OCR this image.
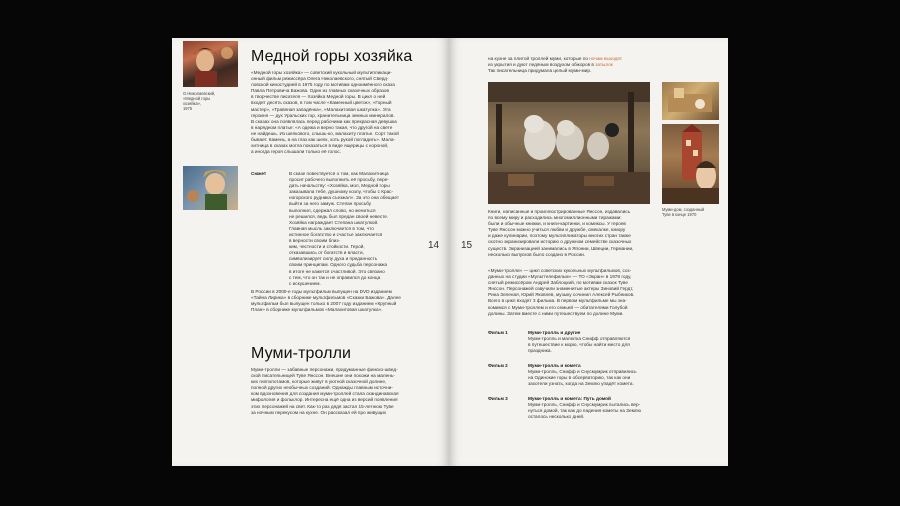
О.Николаевский,
«Медной горы
хозяйка»,
1975
Медной горы хозяйка
«Медной горы хозяйка» — советский кукольный мультипликаци-
онный фильм режиссёра Олега Николаевского, снятый Сверд-
ловской киностудией в 1975 году по мотивам одноимённого сказа
Павла Петровича Бажова. Один из главных сказочных образов
в творчестве писателя — Хозяйка Медной горы. В цикл о ней
входят десять сказов, в том числе «Каменный цветок», «Горный
мастер», «Травяная западёнка», «Малахитовая шкатулка». Эта
героиня — дух Уральских гор, хранительница земных минералов.
В сказах она появлялась перед рабочими как прекрасная девушка
в нарядном платье: «А одежа и верно такая, что другой на свете
не найдешь. Из шелкового, слышь-ко, малахиту платье. Сорт такой
бывает. Камень, а на глаз как шелк, хоть рукой погладить». Мала-
хитница в сказах могла показаться в виде ящерицы с короной,
а иногда героя слышали только её голос.
Сюжет	В сказе повествуется о том, как Малахитница
просит рабочего выполнить её просьбу, пере-
дать начальству: «Хозяйка, мол, Медной горы
заказывала тебе, душному козлу, чтобы с Крас-
ногорского рудника съезжал». За это она обещает
выйти за него замуж. Степан просьбу
выполнил, сдержал слово, но жениться
не решился, ведь был предан своей невесте.
Хозяйка награждает Степана шкатулкой.
Главная мысль заключается в том, что
истинное богатство и счастье заключается
в верности своим близ-
ким, честности и стойкости. Герой,
отказавшись от богатств и власти,
символизирует силу духа и преданность
своим принципам. Одного судьба персонажа
в итоге не кажется счастливой. Это связано
с тем, что он так и не оправился до конца
с искушением.
В России в 2000-е годы мультфильм выпущен на DVD изданием
«Тайна Лирика» в сборнике мультфильмов «Сказки Бажова». Далее
мультфильм был выпущен только в 2007 году изданием «Крупный
План» в сборнике мультфильмов «Малахитовая шкатулка».
Муми-тролли
Муми-тролли — забавные персонажи, придуманные финско-швед-
ской писательницей Туве Янссон. Внешне они похожи на малень-
ких гиппопотамов, которые живут в уютной сказочной долине,
полной других необычных созданий. Однажды главным источни-
ком вдохновения для создания муми-троллей стала скандинавская
мифология и фольклор. Интересна ещё одна из версий появления
этих персонажей на свет. Как-то раз дядя застал 15-летнюю Туве
за ночным перекусом на кухне. Он рассказал ей про живущих
14
на кухне за плитой троллей муми, которые по ночам выходят
из укрытия и дуют ледяным воздухом обжоров в затылок
Так писательница придумала целый муми-мир.
Муми-дом, созданный
Туве в конце 1970
Книги, написанные и проиллюстрированные Янссон, издавались
по всему миру и расходились многомиллионными тиражами:
были и обычные книжки, и книги-картинки, и комиксы. У героев
Туве Янссон можно учиться любви и дружбе, смекалке, юмору
и даже кулинарии, поэтому мультипликаторы многих стран также
охотно экранизировали историю о дружном семействе сказочных
существ. Экранизацией занимались в Японии, Швеции, Германии,
несколько выпусков было создано в России.
«Муми-тролли» — цикл советских кукольных мультфильмов, соз-
данных на студии «Мульттелефильм» — ТО «Экран» в 1978 году,
снятый режиссёром Андрей Заблоцкий, по мотивам сказок Туве
Янссон. Персонажей озвучили знаменитые актеры Зиновий Гердт,
Рина Зеленая, Юрий Яковлев, музыку сочинил Алексей Рыбников.
Всего в цикл входят 3 фильма. В первом мультфильме мы зна-
комимся с Муми-троллем и его семьей — обитателями Голубой
долины. Затем вместе с ними путешествуем по долине Муми.
Фильм 1	Муми-тролль и другие
Муми-тролль и малютка Снифф отправляются
в путешествие к морю, чтобы найти место для
праздника.
Фильм 2	Муми-тролль и комета
Муми-тролль, Снифф и Снусмумрик отправились
на Одинокие горы в обсерваторию, так как они
захотели узнать, когда на Землю упадёт комета.
Фильм 3	Муми-тролль и комета: Путь домой
Муми-тролль, Снифф и Снусмумрик пытались вер-
нуться домой, так как до падения кометы на Землю
осталось несколько дней.
15
